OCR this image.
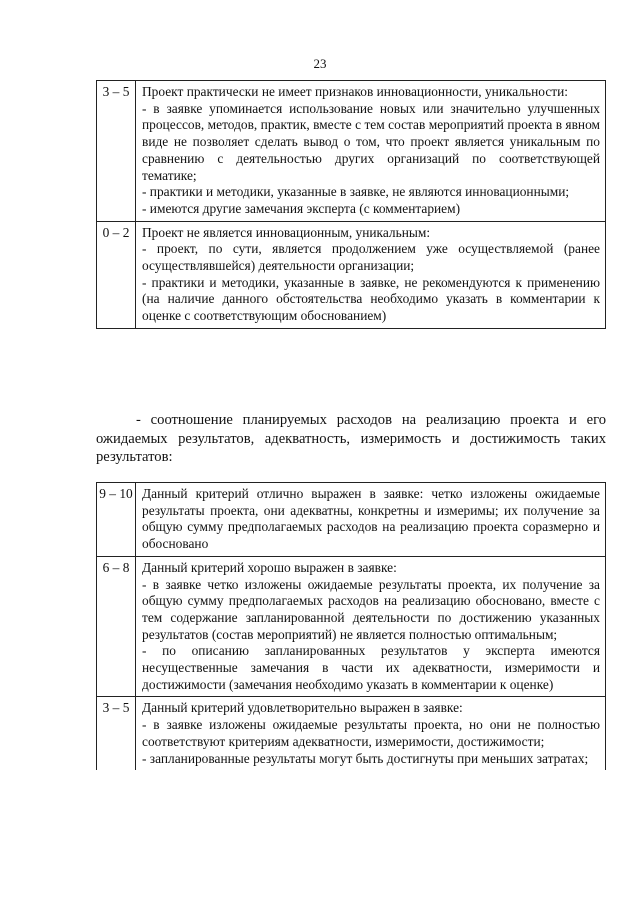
23
3 – 5	Проект практически не имеет признаков инновационности, уникальности:
- в заявке упоминается использование новых или значительно улучшенных процессов, методов, практик, вместе с тем состав мероприятий проекта в явном виде не позволяет сделать вывод о том, что проект является уникальным по сравнению с деятельностью других организаций по соответствующей тематике;
- практики и методики, указанные в заявке, не являются инновационными;
- имеются другие замечания эксперта (с комментарием)

0 – 2	Проект не является инновационным, уникальным:
- проект, по сути, является продолжением уже осуществляемой (ранее осуществлявшейся) деятельности организации;
- практики и методики, указанные в заявке, не рекомендуются к применению (на наличие данного обстоятельства необходимо указать в комментарии к оценке с соответствующим обоснованием)
- соотношение планируемых расходов на реализацию проекта и его ожидаемых результатов, адекватность, измеримость и достижимость таких результатов:
9 – 10	Данный критерий отлично выражен в заявке: четко изложены ожидаемые результаты проекта, они адекватны, конкретны и измеримы; их получение за общую сумму предполагаемых расходов на реализацию проекта соразмерно и обосновано

6 – 8	Данный критерий хорошо выражен в заявке:
- в заявке четко изложены ожидаемые результаты проекта, их получение за общую сумму предполагаемых расходов на реализацию обосновано, вместе с тем содержание запланированной деятельности по достижению указанных результатов (состав мероприятий) не является полностью оптимальным;
- по описанию запланированных результатов у эксперта имеются несущественные замечания в части их адекватности, измеримости и достижимости (замечания необходимо указать в комментарии к оценке)

3 – 5	Данный критерий удовлетворительно выражен в заявке:
- в заявке изложены ожидаемые результаты проекта, но они не полностью соответствуют критериям адекватности, измеримости, достижимости;
- запланированные результаты могут быть достигнуты при меньших затратах;
